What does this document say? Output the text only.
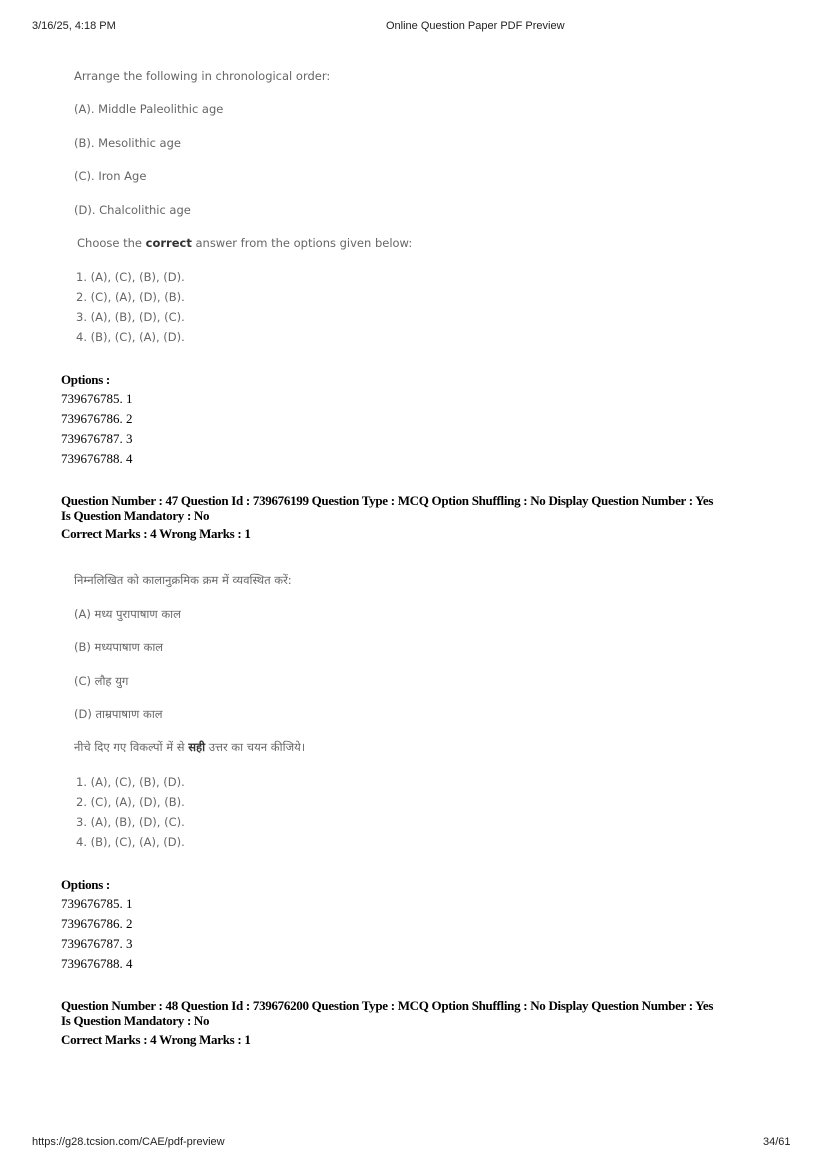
3/16/25, 4:18 PM	Online Question Paper PDF Preview
Arrange the following in chronological order:
(A). Middle Paleolithic age
(B). Mesolithic age
(C). Iron Age
(D). Chalcolithic age
Choose the correct answer from the options given below:
1. (A), (C), (B), (D).
2. (C), (A), (D), (B).
3. (A), (B), (D), (C).
4. (B), (C), (A), (D).
Options :
739676785. 1
739676786. 2
739676787. 3
739676788. 4
Question Number : 47 Question Id : 739676199 Question Type : MCQ Option Shuffling : No Display Question Number : Yes
Is Question Mandatory : No
Correct Marks : 4 Wrong Marks : 1
निम्नलिखित को कालानुक्रमिक क्रम में व्यवस्थित करें:
(A) मध्य पुरापाषाण काल
(B) मध्यपाषाण काल
(C) लौह युग
(D) ताम्रपाषाण काल
नीचे दिए गए विकल्पों में से सही उत्तर का चयन कीजिये।
1. (A), (C), (B), (D).
2. (C), (A), (D), (B).
3. (A), (B), (D), (C).
4. (B), (C), (A), (D).
Options :
739676785. 1
739676786. 2
739676787. 3
739676788. 4
Question Number : 48 Question Id : 739676200 Question Type : MCQ Option Shuffling : No Display Question Number : Yes
Is Question Mandatory : No
Correct Marks : 4 Wrong Marks : 1
https://g28.tcsion.com/CAE/pdf-preview	34/61
